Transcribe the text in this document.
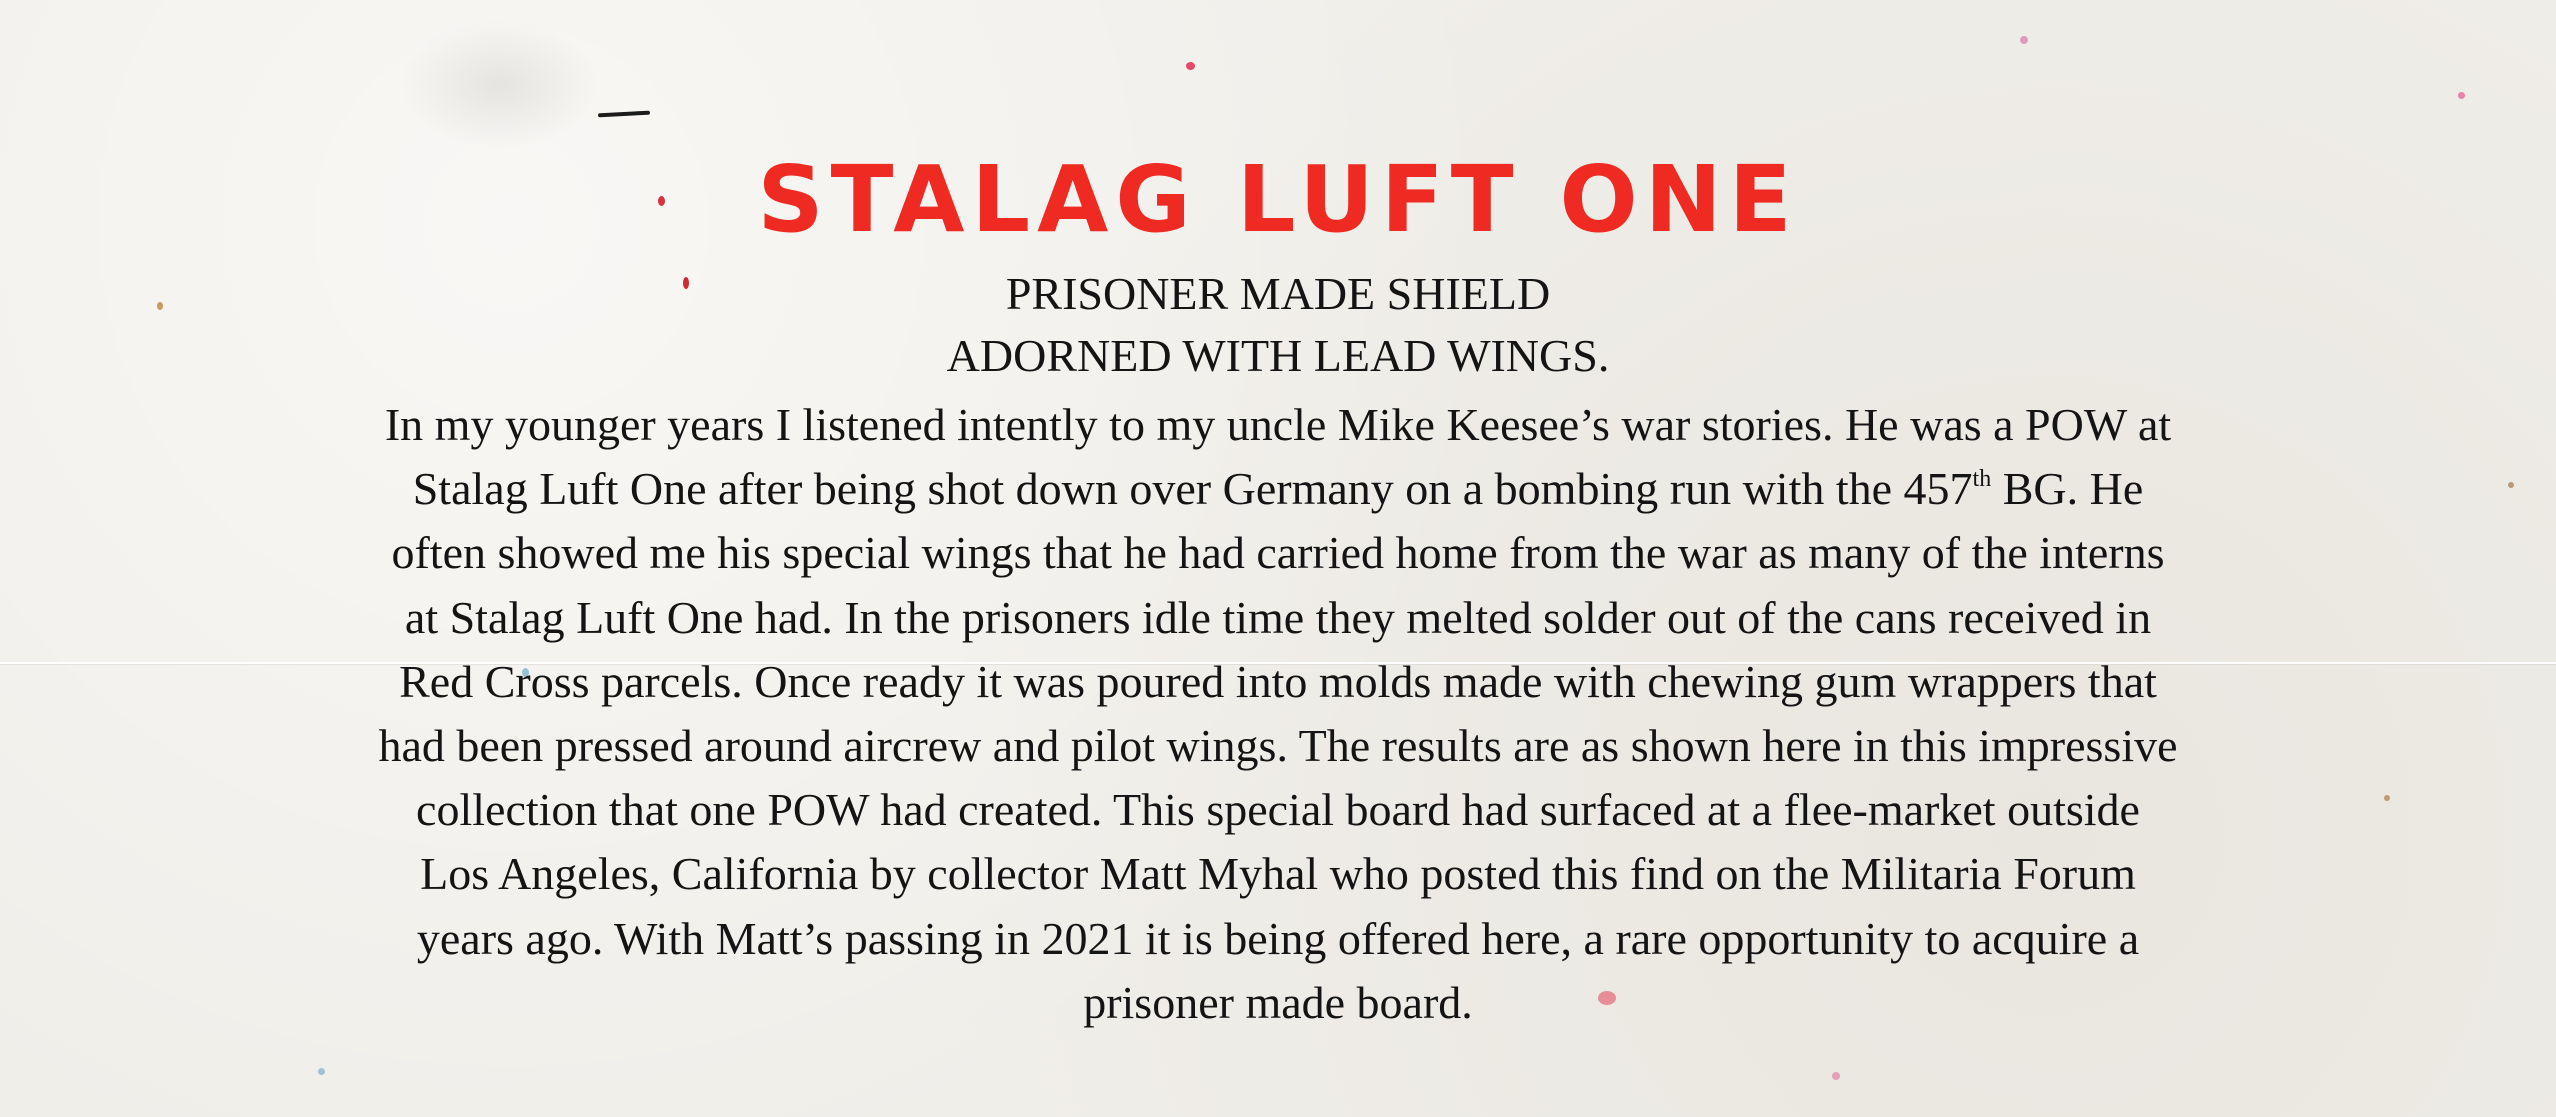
STALAG LUFT ONE
PRISONER MADE SHIELD
ADORNED WITH LEAD WINGS.
In my younger years I listened intently to my uncle Mike Keesee’s war stories. He was a POW at
Stalag Luft One after being shot down over Germany on a bombing run with the 457th BG. He
often showed me his special wings that he had carried home from the war as many of the interns
at Stalag Luft One had. In the prisoners idle time they melted solder out of the cans received in
Red Cross parcels. Once ready it was poured into molds made with chewing gum wrappers that
had been pressed around aircrew and pilot wings. The results are as shown here in this impressive
collection that one POW had created. This special board had surfaced at a flee-market outside
Los Angeles, California by collector Matt Myhal who posted this find on the Militaria Forum
years ago. With Matt’s passing in 2021 it is being offered here, a rare opportunity to acquire a
prisoner made board.
